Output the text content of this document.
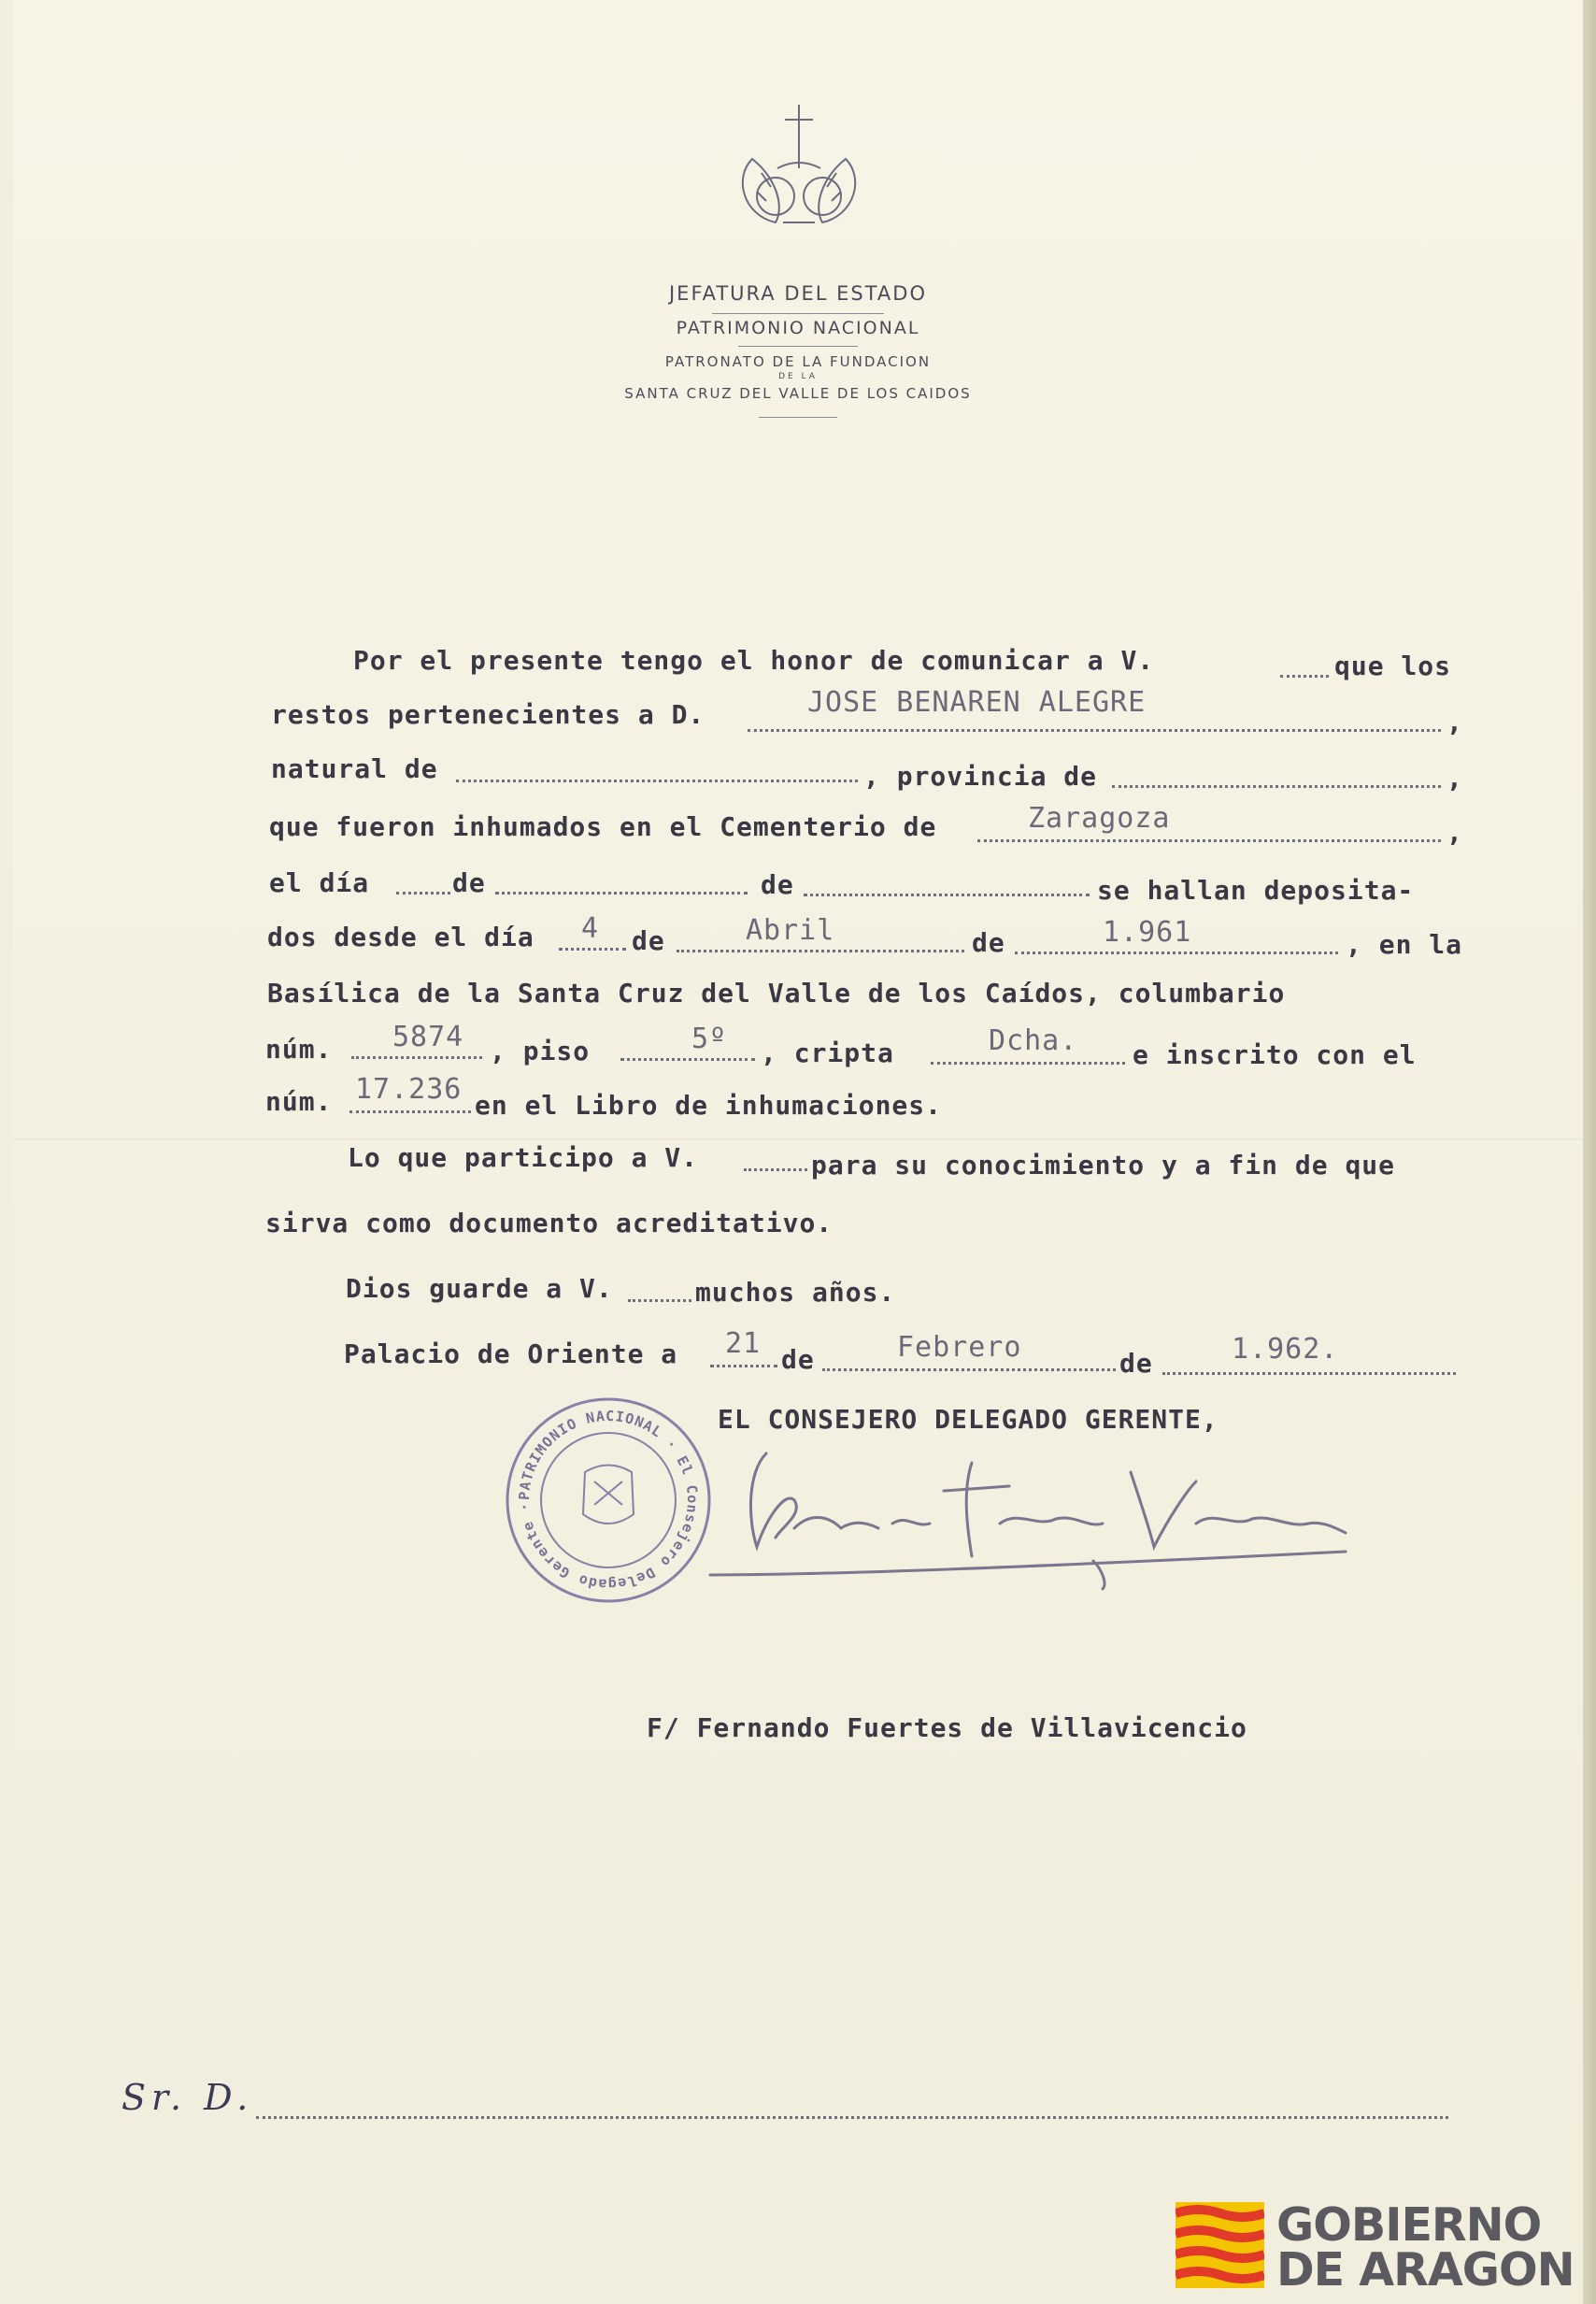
JEFATURA DEL ESTADO
PATRIMONIO NACIONAL
PATRONATO DE LA FUNDACION
DE LA
SANTA CRUZ DEL VALLE DE LOS CAIDOS
Por el presente tengo el honor de comunicar a V.	que los
restos pertenecientes a D.	JOSE BENAREN ALEGRE
,
natural de	, provincia de	,
que fueron inhumados en el Cementerio de	Zaragoza	,
el día	de	de	se hallan deposita-
dos desde el día 4 de	Abril	de	1.961	, en la
Basílica de la Santa Cruz del Valle de los Caídos, columbario
núm. 5874 , piso	5º , cripta	Dcha. e inscrito con el
núm. 17.236 en el Libro de inhumaciones.
Lo que participo a V.	para su conocimiento y a fin de que
sirva como documento acreditativo.
Dios guarde a V.	muchos años.
Palacio de Oriente a 21 de	Febrero	de	1.962.
EL CONSEJERO DELEGADO GERENTE,
PATRIMONIO NACIONAL · El Consejero Delegado Gerente ·
F/ Fernando Fuertes de Villavicencio
Sr. D.
GOBIERNO
DE ARAGON
